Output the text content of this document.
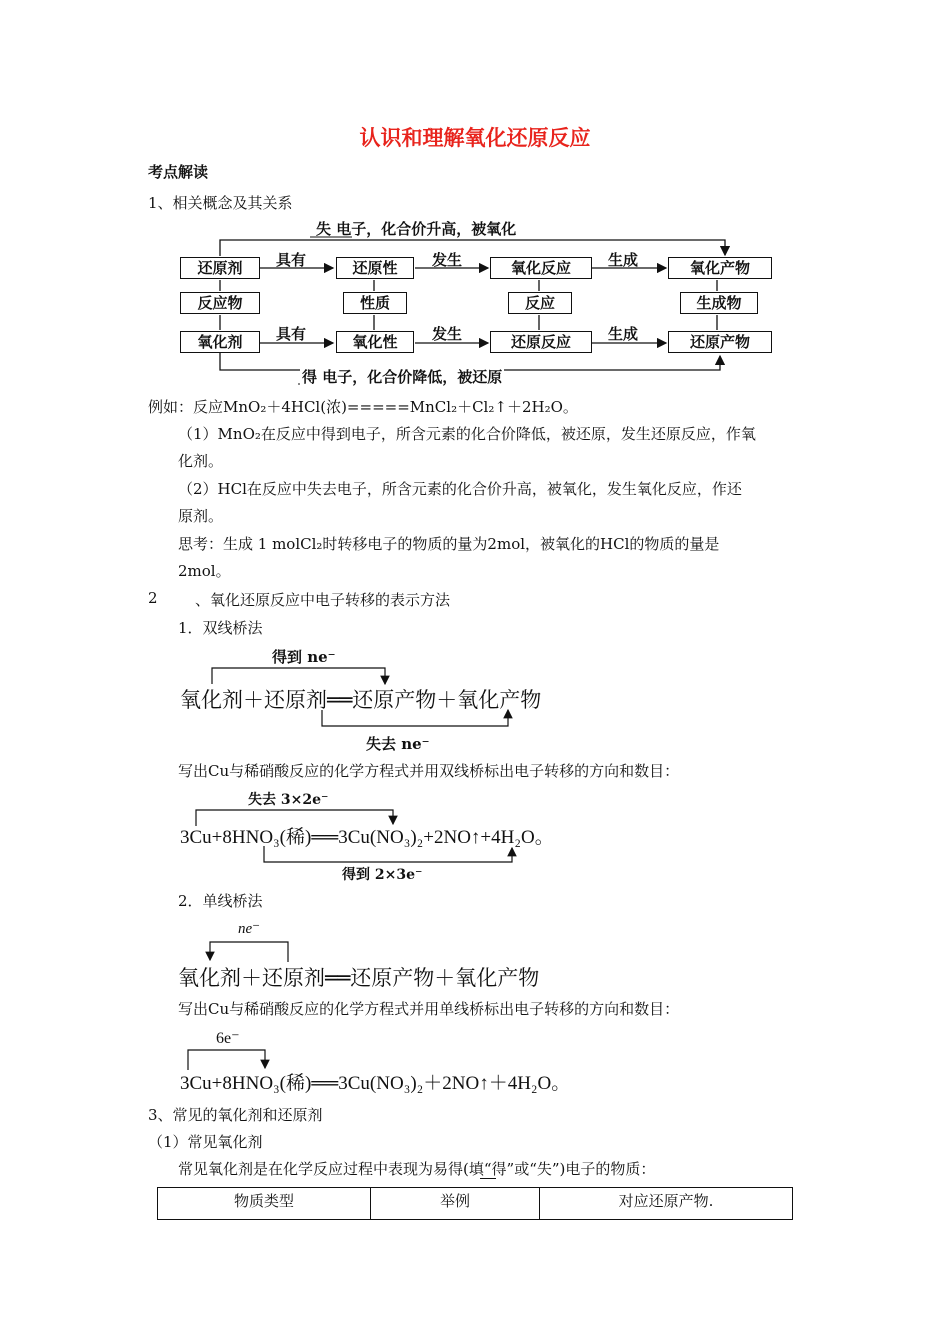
认识和理解氧化还原反应
考点解读
1、相关概念及其关系
失 电子，化合价升高，被氧化
得 电子，化合价降低，被还原
还原剂	还原性	氧化反应	氧化产物
反应物	性质	反应	生成物
氧化剂	氧化性	还原反应	还原产物
具有	发生	生成
具有	发生	生成
例如：反应MnO₂＋4HCl(浓)=====MnCl₂＋Cl₂↑＋2H₂O。
（1）MnO₂在反应中得到电子，所含元素的化合价降低，被还原，发生还原反应，作氧
化剂。
（2）HCl在反应中失去电子，所含元素的化合价升高，被氧化，发生氧化反应，作还
原剂。
思考：生成 1 molCl₂时转移电子的物质的量为2mol，被氧化的HCl的物质的量是
2mol。
2 、氧化还原反应中电子转移的表示方法
1．双线桥法
得到 ne⁻
氧化剂＋还原剂══还原产物＋氧化产物
失去 ne⁻
写出Cu与稀硝酸反应的化学方程式并用双线桥标出电子转移的方向和数目：
失去 3×2e⁻
3Cu+8HNO₃(稀)══3Cu(NO₃)₂+2NO↑+4H₂O。
得到 2×3e⁻
2．单线桥法
ne⁻
氧化剂＋还原剂══还原产物＋氧化产物
写出Cu与稀硝酸反应的化学方程式并用单线桥标出电子转移的方向和数目：
6e⁻
3Cu+8HNO₃(稀)══3Cu(NO₃)₂＋2NO↑＋4H₂O。
3、常见的氧化剂和还原剂
（1）常见氧化剂
常见氧化剂是在化学反应过程中表现为易得(填“得”或“失”)电子的物质：
物质类型	举例	对应还原产物.
